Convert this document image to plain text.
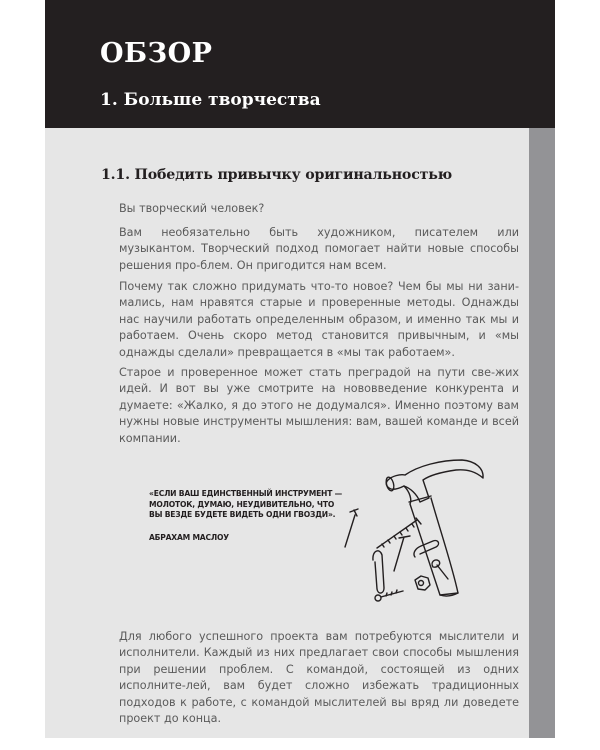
ОБЗОР
1. Больше творчества
1.1. Победить привычку оригинальностью

Вы творческий человек?

Вам необязательно быть художником, писателем или музыкантом. Творческий подход помогает найти новые способы решения про-блем. Он пригодится нам всем.

Почему так сложно придумать что-то новое? Чем бы мы ни зани-мались, нам нравятся старые и проверенные методы. Однажды нас научили работать определенным образом, и именно так мы и работаем. Очень скоро метод становится привычным, и «мы однажды сделали» превращается в «мы так работаем».

Старое и проверенное может стать преградой на пути све-жих идей. И вот вы уже смотрите на нововведение конкурента и думаете: «Жалко, я до этого не додумался». Именно поэтому вам нужны новые инструменты мышления: вам, вашей команде и всей компании.

«ЕСЛИ ВАШ ЕДИНСТВЕННЫЙ ИНСТРУМЕНТ — МОЛОТОК, ДУМАЮ, НЕУДИВИТЕЛЬНО, ЧТО ВЫ ВЕЗДЕ БУДЕТЕ ВИДЕТЬ ОДНИ ГВОЗДИ».

АБРАХАМ МАСЛОУ

Для любого успешного проекта вам потребуются мыслители и исполнители. Каждый из них предлагает свои способы мышления при решении проблем. С командой, состоящей из одних исполните-лей, вам будет сложно избежать традиционных подходов к работе, с командой мыслителей вы вряд ли доведете проект до конца.
